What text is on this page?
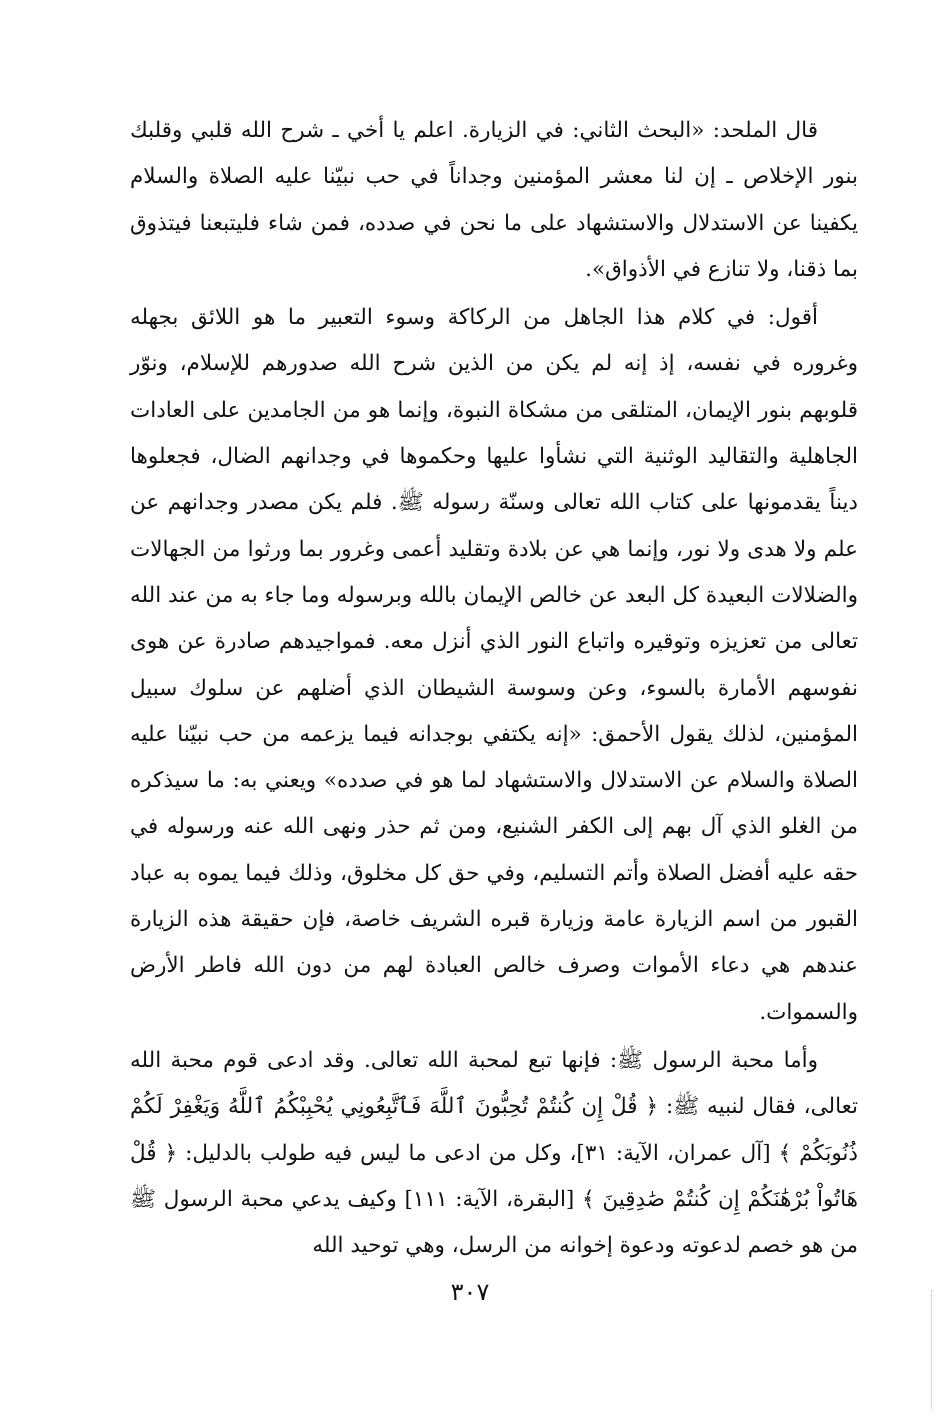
قال الملحد: «البحث الثاني: في الزيارة. اعلم يا أخي ـ شرح الله قلبي وقلبك بنور الإخلاص ـ إن لنا معشر المؤمنين وجداناً في حب نبيّنا عليه الصلاة والسلام يكفينا عن الاستدلال والاستشهاد على ما نحن في صدده، فمن شاء فليتبعنا فيتذوق بما ذقنا، ولا تنازع في الأذواق».

أقول: في كلام هذا الجاهل من الركاكة وسوء التعبير ما هو اللائق بجهله وغروره في نفسه، إذ إنه لم يكن من الذين شرح الله صدورهم للإسلام، ونوّر قلوبهم بنور الإيمان، المتلقى من مشكاة النبوة، وإنما هو من الجامدين على العادات الجاهلية والتقاليد الوثنية التي نشأوا عليها وحكموها في وجدانهم الضال، فجعلوها ديناً يقدمونها على كتاب الله تعالى وسنّة رسوله ﷺ. فلم يكن مصدر وجدانهم عن علم ولا هدى ولا نور، وإنما هي عن بلادة وتقليد أعمى وغرور بما ورثوا من الجهالات والضلالات البعيدة كل البعد عن خالص الإيمان بالله وبرسوله وما جاء به من عند الله تعالى من تعزيزه وتوقيره واتباع النور الذي أنزل معه. فمواجيدهم صادرة عن هوى نفوسهم الأمارة بالسوء، وعن وسوسة الشيطان الذي أضلهم عن سلوك سبيل المؤمنين، لذلك يقول الأحمق: «إنه يكتفي بوجدانه فيما يزعمه من حب نبيّنا عليه الصلاة والسلام عن الاستدلال والاستشهاد لما هو في صدده» ويعني به: ما سيذكره من الغلو الذي آل بهم إلى الكفر الشنيع، ومن ثم حذر ونهى الله عنه ورسوله في حقه عليه أفضل الصلاة وأتم التسليم، وفي حق كل مخلوق، وذلك فيما يموه به عباد القبور من اسم الزيارة عامة وزيارة قبره الشريف خاصة، فإن حقيقة هذه الزيارة عندهم هي دعاء الأموات وصرف خالص العبادة لهم من دون الله فاطر الأرض والسموات.

وأما محبة الرسول ﷺ: فإنها تبع لمحبة الله تعالى. وقد ادعى قوم محبة الله تعالى، فقال لنبيه ﷺ: ﴿ قُلْ إِن كُنتُمْ تُحِبُّونَ ٱللَّهَ فَٱتَّبِعُونِي يُحْبِبْكُمُ ٱللَّهُ وَيَغْفِرْ لَكُمْ ذُنُوبَكُمْ ﴾ [آل عمران، الآية: ٣١]، وكل من ادعى ما ليس فيه طولب بالدليل: ﴿ قُلْ هَاتُواْ بُرْهَٰنَكُمْ إِن كُنتُمْ صَٰدِقِينَ ﴾ [البقرة، الآية: ١١١] وكيف يدعي محبة الرسول ﷺ من هو خصم لدعوته ودعوة إخوانه من الرسل، وهي توحيد الله

٣٠٧
